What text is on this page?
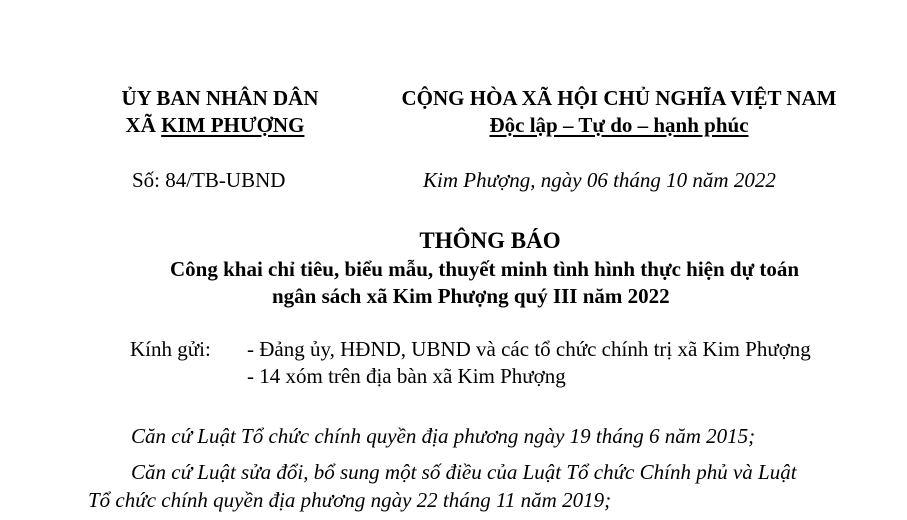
ỦY BAN NHÂN DÂN
XÃ KIM PHƯỢNG
CỘNG HÒA XÃ HỘI CHỦ NGHĨA VIỆT NAM
Độc lập – Tự do – hạnh phúc
Số: 84/TB-UBND	Kim Phượng, ngày 06 tháng 10 năm 2022
THÔNG BÁO
Công khai chỉ tiêu, biểu mẫu, thuyết minh tình hình thực hiện dự toán
ngân sách xã Kim Phượng quý III năm 2022
Kính gửi: - Đảng ủy, HĐND, UBND và các tổ chức chính trị xã Kim Phượng
- 14 xóm trên địa bàn xã Kim Phượng
Căn cứ Luật Tổ chức chính quyền địa phương ngày 19 tháng 6 năm 2015;
Căn cứ Luật sửa đổi, bổ sung một số điều của Luật Tổ chức Chính phủ và Luật
Tổ chức chính quyền địa phương ngày 22 tháng 11 năm 2019;
